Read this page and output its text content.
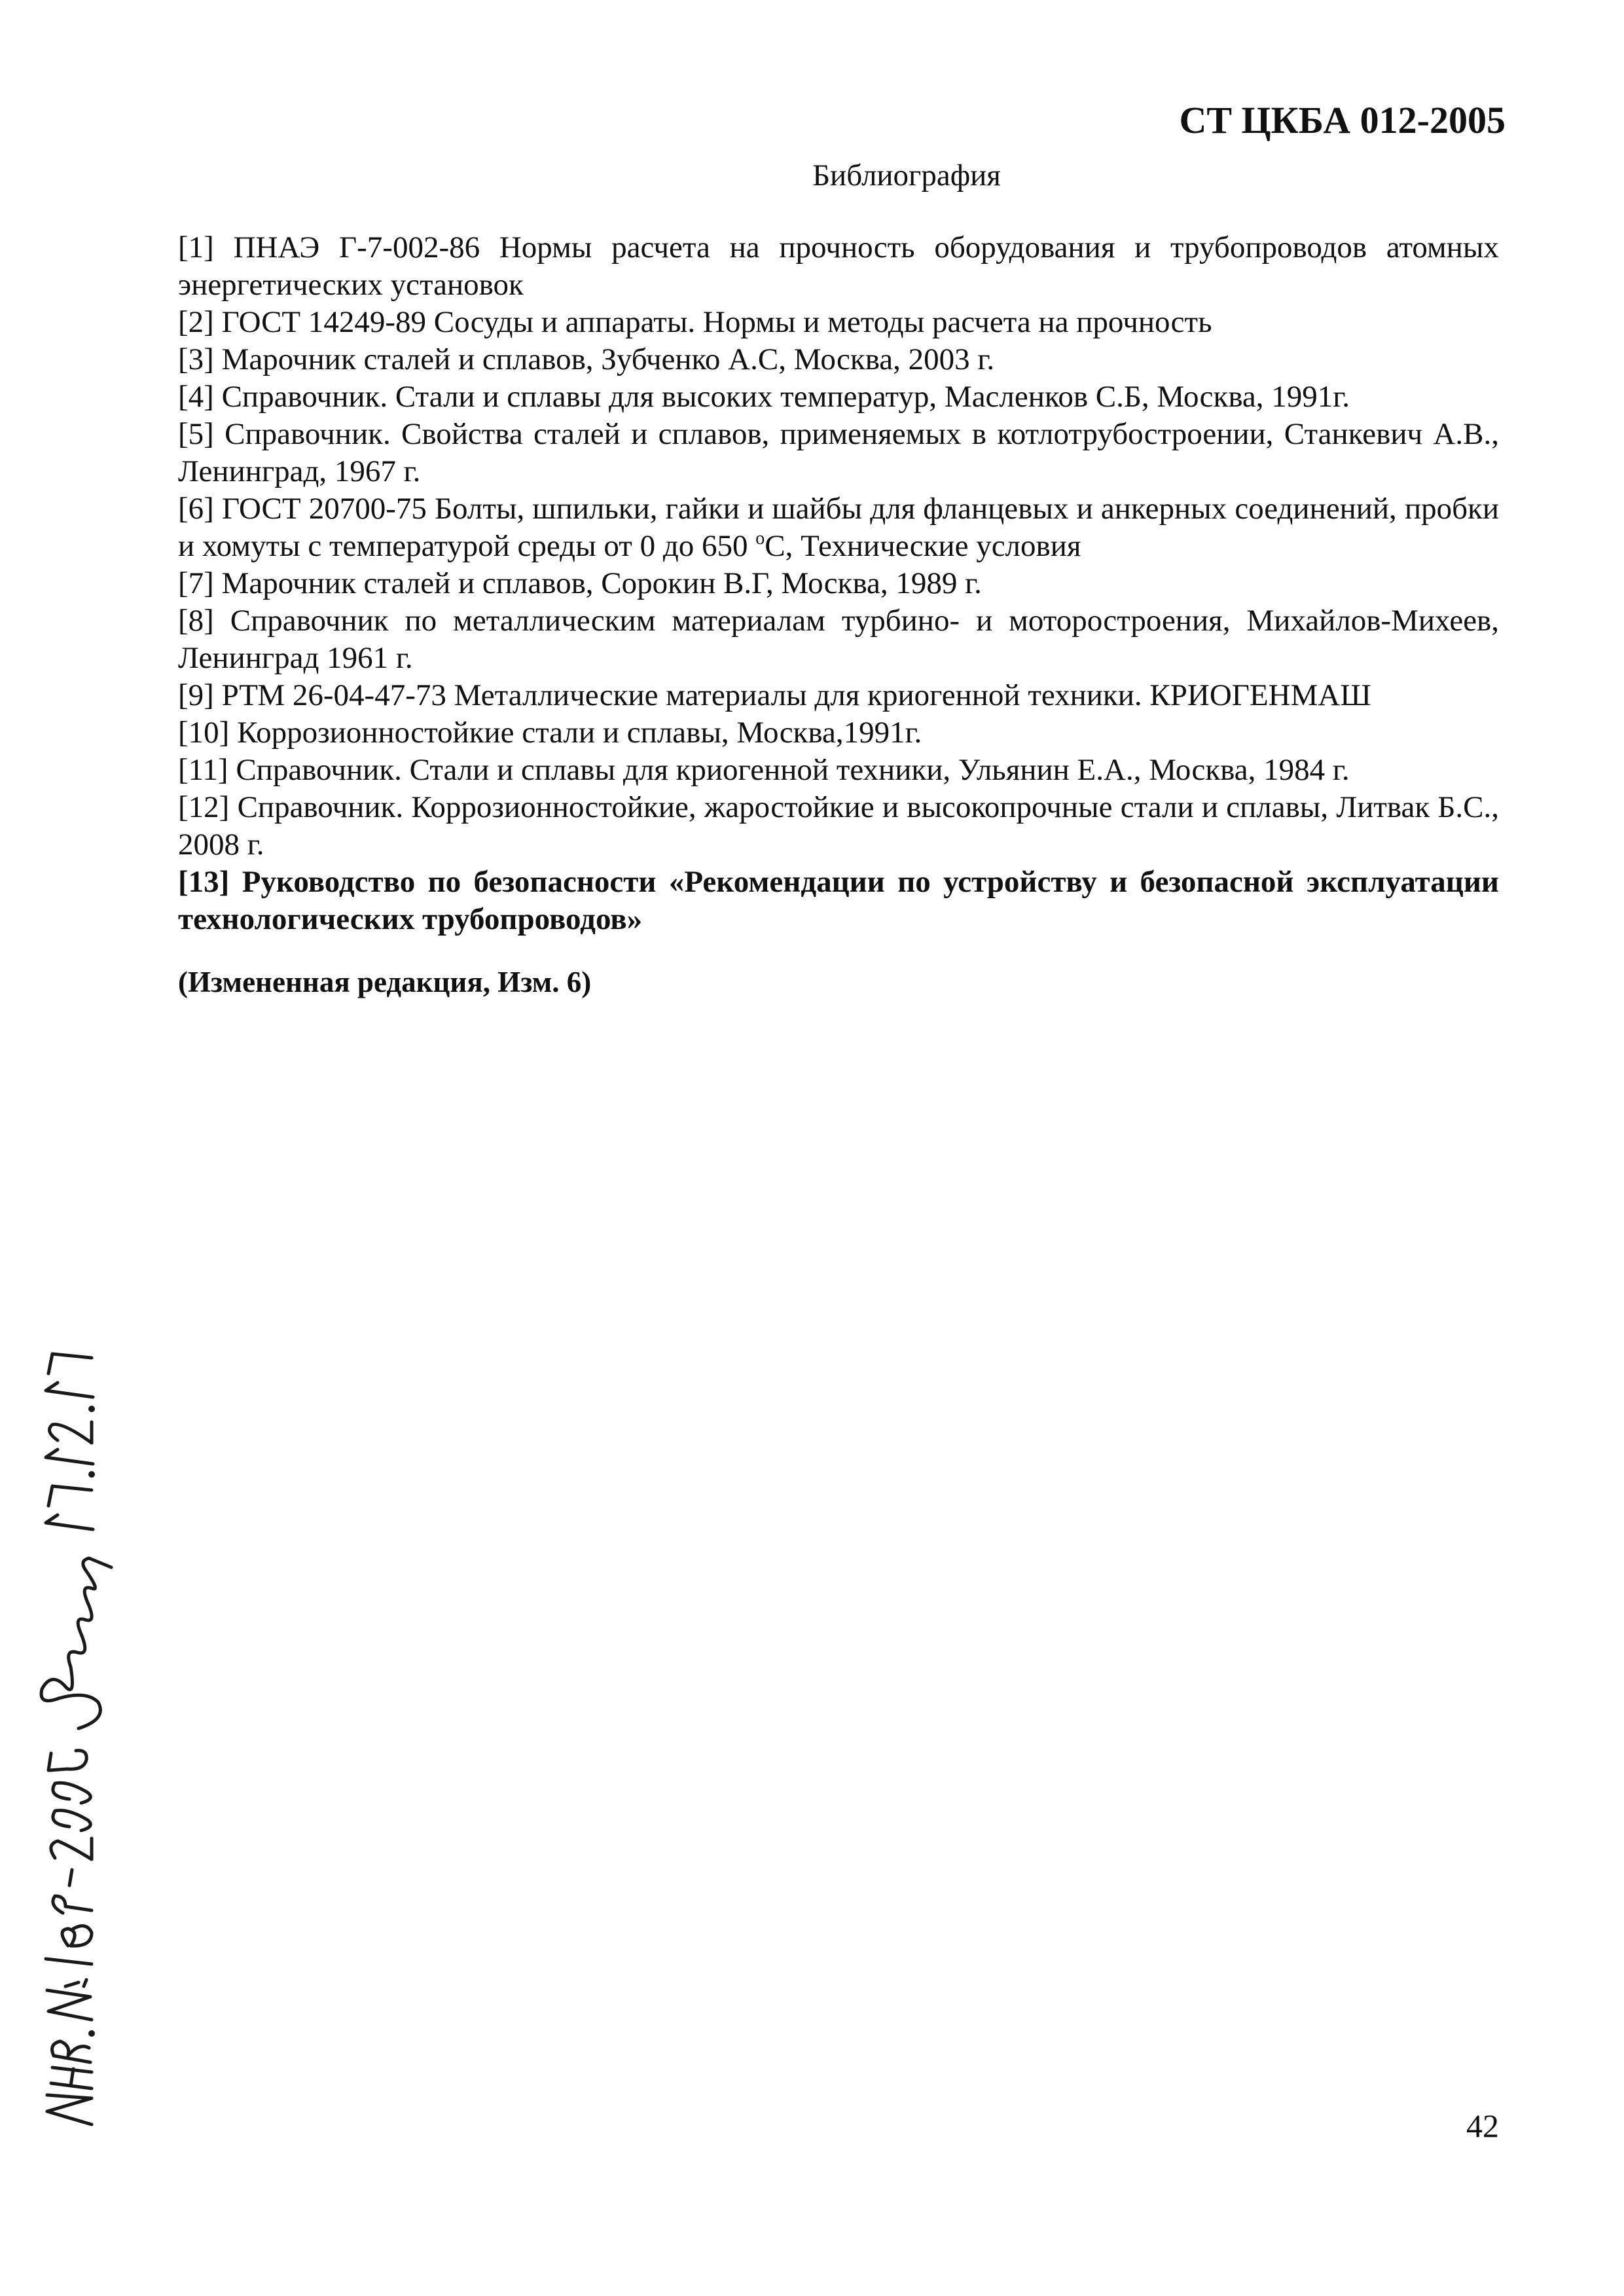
СТ ЦКБА 012-2005
Библиография
[1] ПНАЭ Г-7-002-86 Нормы расчета на прочность оборудования и трубопроводов атомных энергетических установок
[2] ГОСТ 14249-89 Сосуды и аппараты. Нормы и методы расчета на прочность
[3] Марочник сталей и сплавов, Зубченко А.С, Москва, 2003 г.
[4] Справочник. Стали и сплавы для высоких температур, Масленков С.Б, Москва, 1991г.
[5] Справочник. Свойства сталей и сплавов, применяемых в котлотрубостроении, Станкевич А.В., Ленинград, 1967 г.
[6] ГОСТ 20700-75 Болты, шпильки, гайки и шайбы для фланцевых и анкерных соединений, пробки и хомуты с температурой среды от 0 до 650 $^о$С, Технические условия
[7] Марочник сталей и сплавов, Сорокин В.Г, Москва, 1989 г.
[8] Справочник по металлическим материалам турбино- и моторостроения, Михайлов-Михеев, Ленинград 1961 г.
[9] РТМ 26-04-47-73 Металлические материалы для криогенной техники. КРИОГЕНМАШ
[10] Коррозионностойкие стали и сплавы, Москва,1991г.
[11] Справочник. Стали и сплавы для криогенной техники, Ульянин Е.А., Москва, 1984 г.
[12] Справочник. Коррозионностойкие, жаростойкие и высокопрочные стали и сплавы, Литвак Б.С., 2008 г.
[13] Руководство по безопасности «Рекомендации по устройству и безопасной эксплуатации технологических трубопроводов»
(Измененная редакция, Изм. 6)
42
